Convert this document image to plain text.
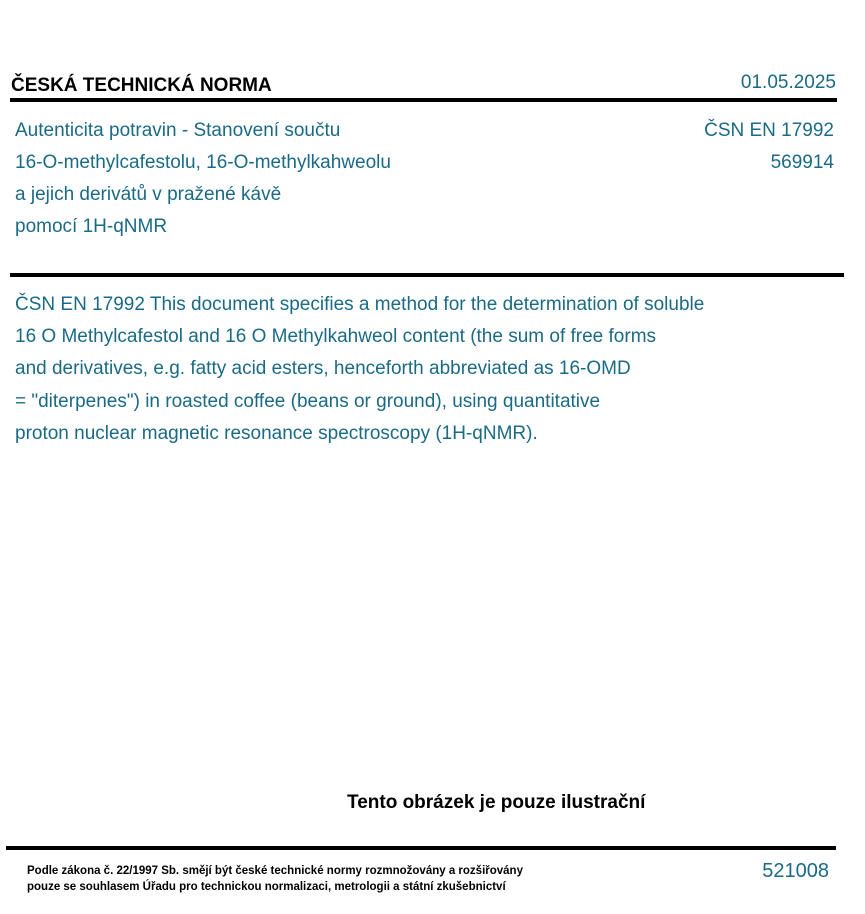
ČESKÁ TECHNICKÁ NORMA	01.05.2025
Autenticita potravin - Stanovení součtu
16-O-methylcafestolu, 16-O-methylkahweolu
a jejich derivátů v pražené kávě
pomocí 1H-qNMR
ČSN EN 17992
569914
ČSN EN 17992 This document specifies a method for the determination of soluble
16 O Methylcafestol and 16 O Methylkahweol content (the sum of free forms
and derivatives, e.g. fatty acid esters, henceforth abbreviated as 16-OMD
= "diterpenes") in roasted coffee (beans or ground), using quantitative
proton nuclear magnetic resonance spectroscopy (1H-qNMR).
Tento obrázek je pouze ilustrační
Podle zákona č. 22/1997 Sb. smějí být české technické normy rozmnožovány a rozšiřovány
pouze se souhlasem Úřadu pro technickou normalizaci, metrologii a státní zkušebnictví
521008
